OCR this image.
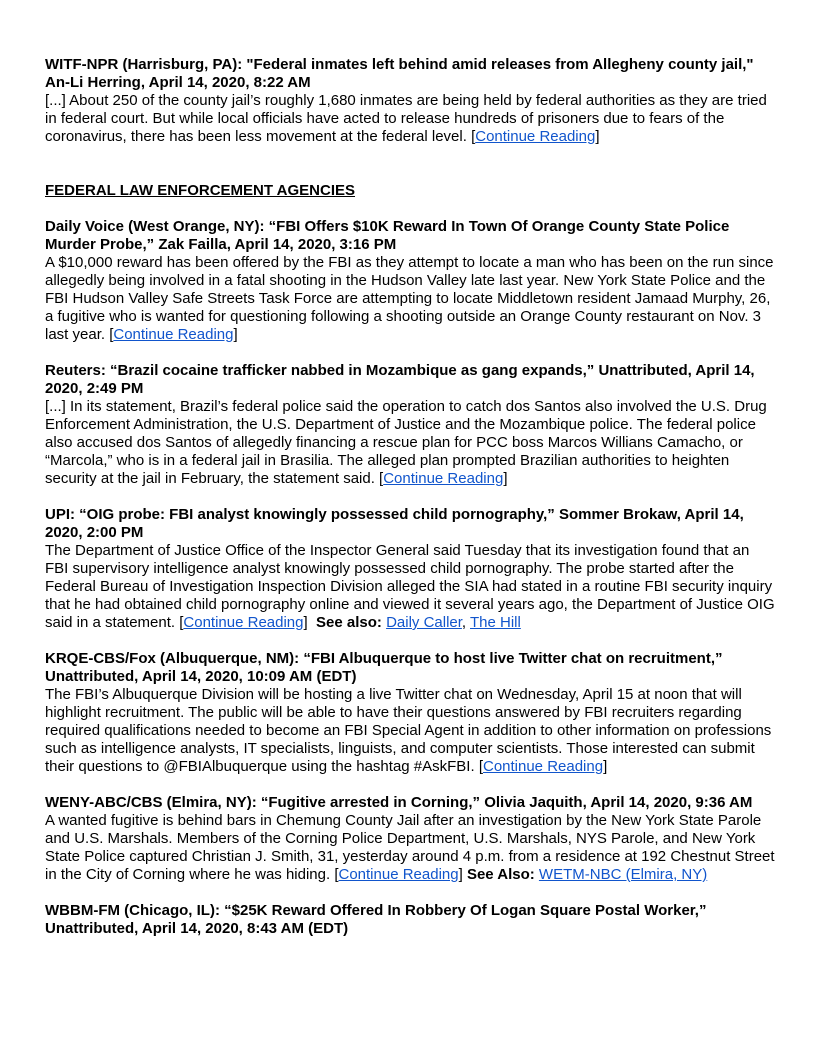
WITF-NPR (Harrisburg, PA): "Federal inmates left behind amid releases from Allegheny county jail," An-Li Herring, April 14, 2020, 8:22 AM
[...] About 250 of the county jail’s roughly 1,680 inmates are being held by federal authorities as they are tried in federal court. But while local officials have acted to release hundreds of prisoners due to fears of the coronavirus, there has been less movement at the federal level. [Continue Reading]
FEDERAL LAW ENFORCEMENT AGENCIES
Daily Voice (West Orange, NY): “FBI Offers $10K Reward In Town Of Orange County State Police Murder Probe,” Zak Failla, April 14, 2020, 3:16 PM
A $10,000 reward has been offered by the FBI as they attempt to locate a man who has been on the run since allegedly being involved in a fatal shooting in the Hudson Valley late last year. New York State Police and the FBI Hudson Valley Safe Streets Task Force are attempting to locate Middletown resident Jamaad Murphy, 26, a fugitive who is wanted for questioning following a shooting outside an Orange County restaurant on Nov. 3 last year. [Continue Reading]
Reuters: “Brazil cocaine trafficker nabbed in Mozambique as gang expands,” Unattributed, April 14, 2020, 2:49 PM
[...] In its statement, Brazil’s federal police said the operation to catch dos Santos also involved the U.S. Drug Enforcement Administration, the U.S. Department of Justice and the Mozambique police. The federal police also accused dos Santos of allegedly financing a rescue plan for PCC boss Marcos Willians Camacho, or “Marcola,” who is in a federal jail in Brasilia. The alleged plan prompted Brazilian authorities to heighten security at the jail in February, the statement said. [Continue Reading]
UPI: “OIG probe: FBI analyst knowingly possessed child pornography,” Sommer Brokaw, April 14, 2020, 2:00 PM
The Department of Justice Office of the Inspector General said Tuesday that its investigation found that an FBI supervisory intelligence analyst knowingly possessed child pornography. The probe started after the Federal Bureau of Investigation Inspection Division alleged the SIA had stated in a routine FBI security inquiry that he had obtained child pornography online and viewed it several years ago, the Department of Justice OIG said in a statement. [Continue Reading] See also: Daily Caller, The Hill
KRQE-CBS/Fox (Albuquerque, NM): “FBI Albuquerque to host live Twitter chat on recruitment,” Unattributed, April 14, 2020, 10:09 AM (EDT)
The FBI’s Albuquerque Division will be hosting a live Twitter chat on Wednesday, April 15 at noon that will highlight recruitment. The public will be able to have their questions answered by FBI recruiters regarding required qualifications needed to become an FBI Special Agent in addition to other information on professions such as intelligence analysts, IT specialists, linguists, and computer scientists. Those interested can submit their questions to @FBIAlbuquerque using the hashtag #AskFBI. [Continue Reading]
WENY-ABC/CBS (Elmira, NY): “Fugitive arrested in Corning,” Olivia Jaquith, April 14, 2020, 9:36 AM
A wanted fugitive is behind bars in Chemung County Jail after an investigation by the New York State Parole and U.S. Marshals. Members of the Corning Police Department, U.S. Marshals, NYS Parole, and New York State Police captured Christian J. Smith, 31, yesterday around 4 p.m. from a residence at 192 Chestnut Street in the City of Corning where he was hiding. [Continue Reading] See Also: WETM-NBC (Elmira, NY)
WBBM-FM (Chicago, IL): “$25K Reward Offered In Robbery Of Logan Square Postal Worker,” Unattributed, April 14, 2020, 8:43 AM (EDT)
